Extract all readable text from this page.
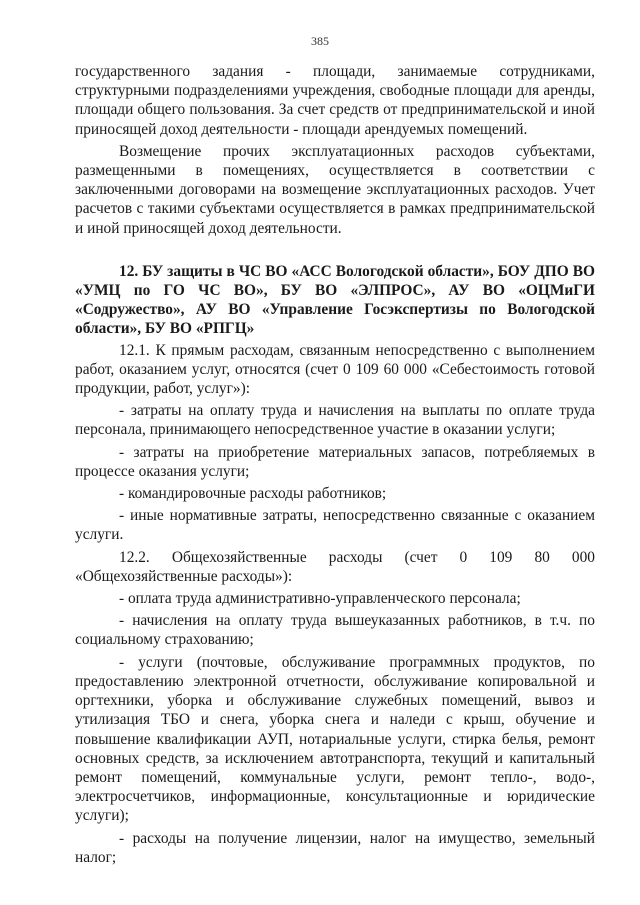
385

государственного задания - площади, занимаемые сотрудниками, структурными подразделениями учреждения, свободные площади для аренды, площади общего пользования. За счет средств от предпринимательской и иной приносящей доход деятельности - площади арендуемых помещений.

Возмещение прочих эксплуатационных расходов субъектами, размещенными в помещениях, осуществляется в соответствии с заключенными договорами на возмещение эксплуатационных расходов. Учет расчетов с такими субъектами осуществляется в рамках предпринимательской и иной приносящей доход деятельности.

12. БУ защиты в ЧС ВО «АСС Вологодской области», БОУ ДПО ВО «УМЦ по ГО ЧС ВО», БУ ВО «ЭЛПРОС», АУ ВО «ОЦМиГИ «Содружество», АУ ВО «Управление Госэкспертизы по Вологодской области», БУ ВО «РПГЦ»

12.1. К прямым расходам, связанным непосредственно с выполнением работ, оказанием услуг, относятся (счет 0 109 60 000 «Себестоимость готовой продукции, работ, услуг»):

- затраты на оплату труда и начисления на выплаты по оплате труда персонала, принимающего непосредственное участие в оказании услуги;

- затраты на приобретение материальных запасов, потребляемых в процессе оказания услуги;

- командировочные расходы работников;

- иные нормативные затраты, непосредственно связанные с оказанием услуги.

12.2. Общехозяйственные расходы (счет 0 109 80 000 «Общехозяйственные расходы»):

- оплата труда административно-управленческого персонала;

- начисления на оплату труда вышеуказанных работников, в т.ч. по социальному страхованию;

- услуги (почтовые, обслуживание программных продуктов, по предоставлению электронной отчетности, обслуживание копировальной и оргтехники, уборка и обслуживание служебных помещений, вывоз и утилизация ТБО и снега, уборка снега и наледи с крыш, обучение и повышение квалификации АУП, нотариальные услуги, стирка белья, ремонт основных средств, за исключением автотранспорта, текущий и капитальный ремонт помещений, коммунальные услуги, ремонт тепло-, водо-, электросчетчиков, информационные, консультационные и юридические услуги);

- расходы на получение лицензии, налог на имущество, земельный налог;
